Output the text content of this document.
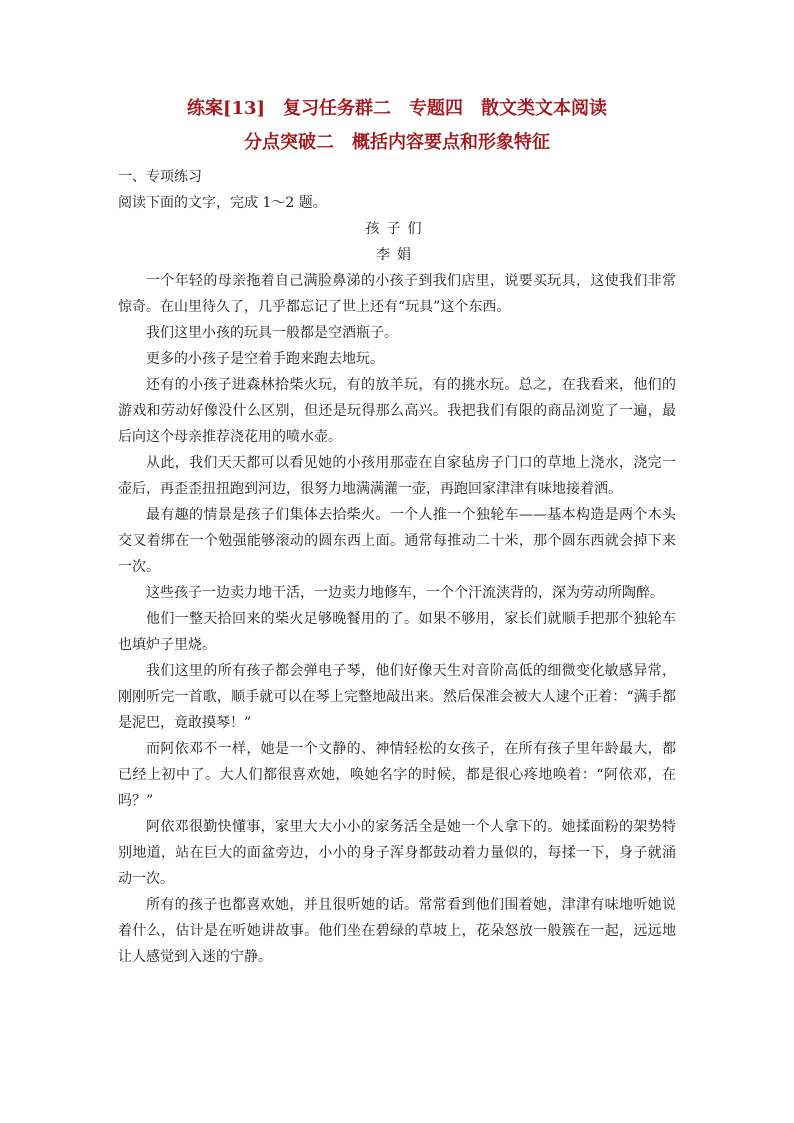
练案[13]　复习任务群二　专题四　散文类文本阅读
分点突破二　概括内容要点和形象特征

一、专项练习

阅读下面的文字，完成 1～2 题。

孩子们

李娟

一个年轻的母亲拖着自己满脸鼻涕的小孩子到我们店里，说要买玩具，这使我们非常惊奇。在山里待久了，几乎都忘记了世上还有“玩具”这个东西。

我们这里小孩的玩具一般都是空酒瓶子。

更多的小孩子是空着手跑来跑去地玩。

还有的小孩子进森林拾柴火玩，有的放羊玩，有的挑水玩。总之，在我看来，他们的游戏和劳动好像没什么区别，但还是玩得那么高兴。我把我们有限的商品浏览了一遍，最后向这个母亲推荐浇花用的喷水壶。

从此，我们天天都可以看见她的小孩用那壶在自家毡房子门口的草地上浇水，浇完一壶后，再歪歪扭扭跑到河边，很努力地满满灌一壶，再跑回家津津有味地接着洒。

最有趣的情景是孩子们集体去拾柴火。一个人推一个独轮车——基本构造是两个木头交叉着绑在一个勉强能够滚动的圆东西上面。通常每推动二十米，那个圆东西就会掉下来一次。

这些孩子一边卖力地干活，一边卖力地修车，一个个汗流浃背的，深为劳动所陶醉。

他们一整天拾回来的柴火足够晚餐用的了。如果不够用，家长们就顺手把那个独轮车也填炉子里烧。

我们这里的所有孩子都会弹电子琴，他们好像天生对音阶高低的细微变化敏感异常，刚刚听完一首歌，顺手就可以在琴上完整地敲出来。然后保准会被大人逮个正着：“满手都是泥巴，竟敢摸琴！”

而阿依邓不一样，她是一个文静的、神情轻松的女孩子，在所有孩子里年龄最大，都已经上初中了。大人们都很喜欢她，唤她名字的时候，都是很心疼地唤着：“阿依邓，在吗？”

阿依邓很勤快懂事，家里大大小小的家务活全是她一个人拿下的。她揉面粉的架势特别地道，站在巨大的面盆旁边，小小的身子浑身都鼓动着力量似的，每揉一下，身子就涌动一次。

所有的孩子也都喜欢她，并且很听她的话。常常看到他们围着她，津津有味地听她说着什么，估计是在听她讲故事。他们坐在碧绿的草坡上，花朵怒放一般簇在一起，远远地让人感觉到入迷的宁静。
